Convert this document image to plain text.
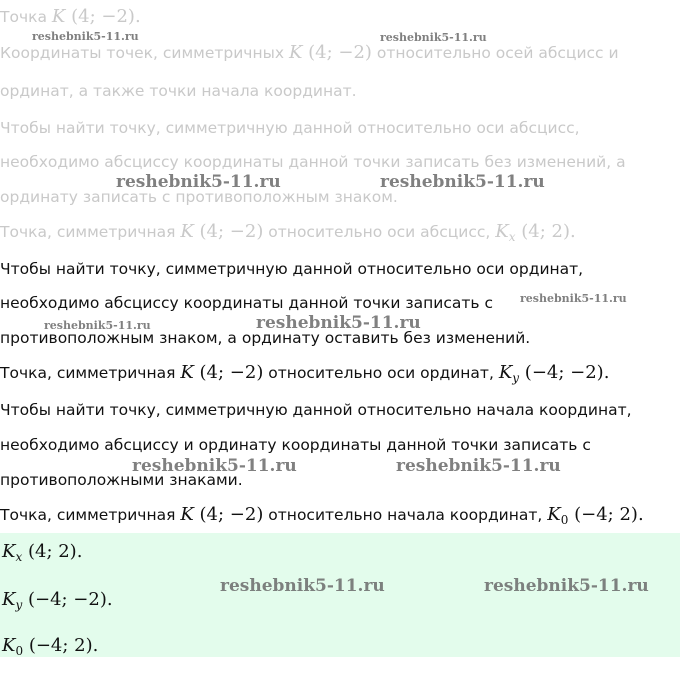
Точка K (4; −2).
Координаты точек, симметричных K (4; −2) относительно осей абсцисс и
ординат, а также точки начала координат.
Чтобы найти точку, симметричную данной относительно оси абсцисс,
необходимо абсциссу координаты данной точки записать без изменений, а
ординату записать с противоположным знаком.
Точка, симметричная K (4; −2) относительно оси абсцисс, $K_x$ (4; 2).
Чтобы найти точку, симметричную данной относительно оси ординат,
необходимо абсциссу координаты данной точки записать с
противоположным знаком, а ординату оставить без изменений.
Точка, симметричная K (4; −2) относительно оси ординат, $K_y$ (−4; −2).
Чтобы найти точку, симметричную данной относительно начала координат,
необходимо абсциссу и ординату координаты данной точки записать с
противоположными знаками.
Точка, симметричная K (4; −2) относительно начала координат, $K_0$ (−4; 2).
$K_x$ (4; 2).
$K_y$ (−4; −2).
$K_0$ (−4; 2).
reshebnik5-11.ru	reshebnik5-11.ru
reshebnik5-11.ru	reshebnik5-11.ru
reshebnik5-11.ru
reshebnik5-11.ru	reshebnik5-11.ru
reshebnik5-11.ru	reshebnik5-11.ru
reshebnik5-11.ru	reshebnik5-11.ru
